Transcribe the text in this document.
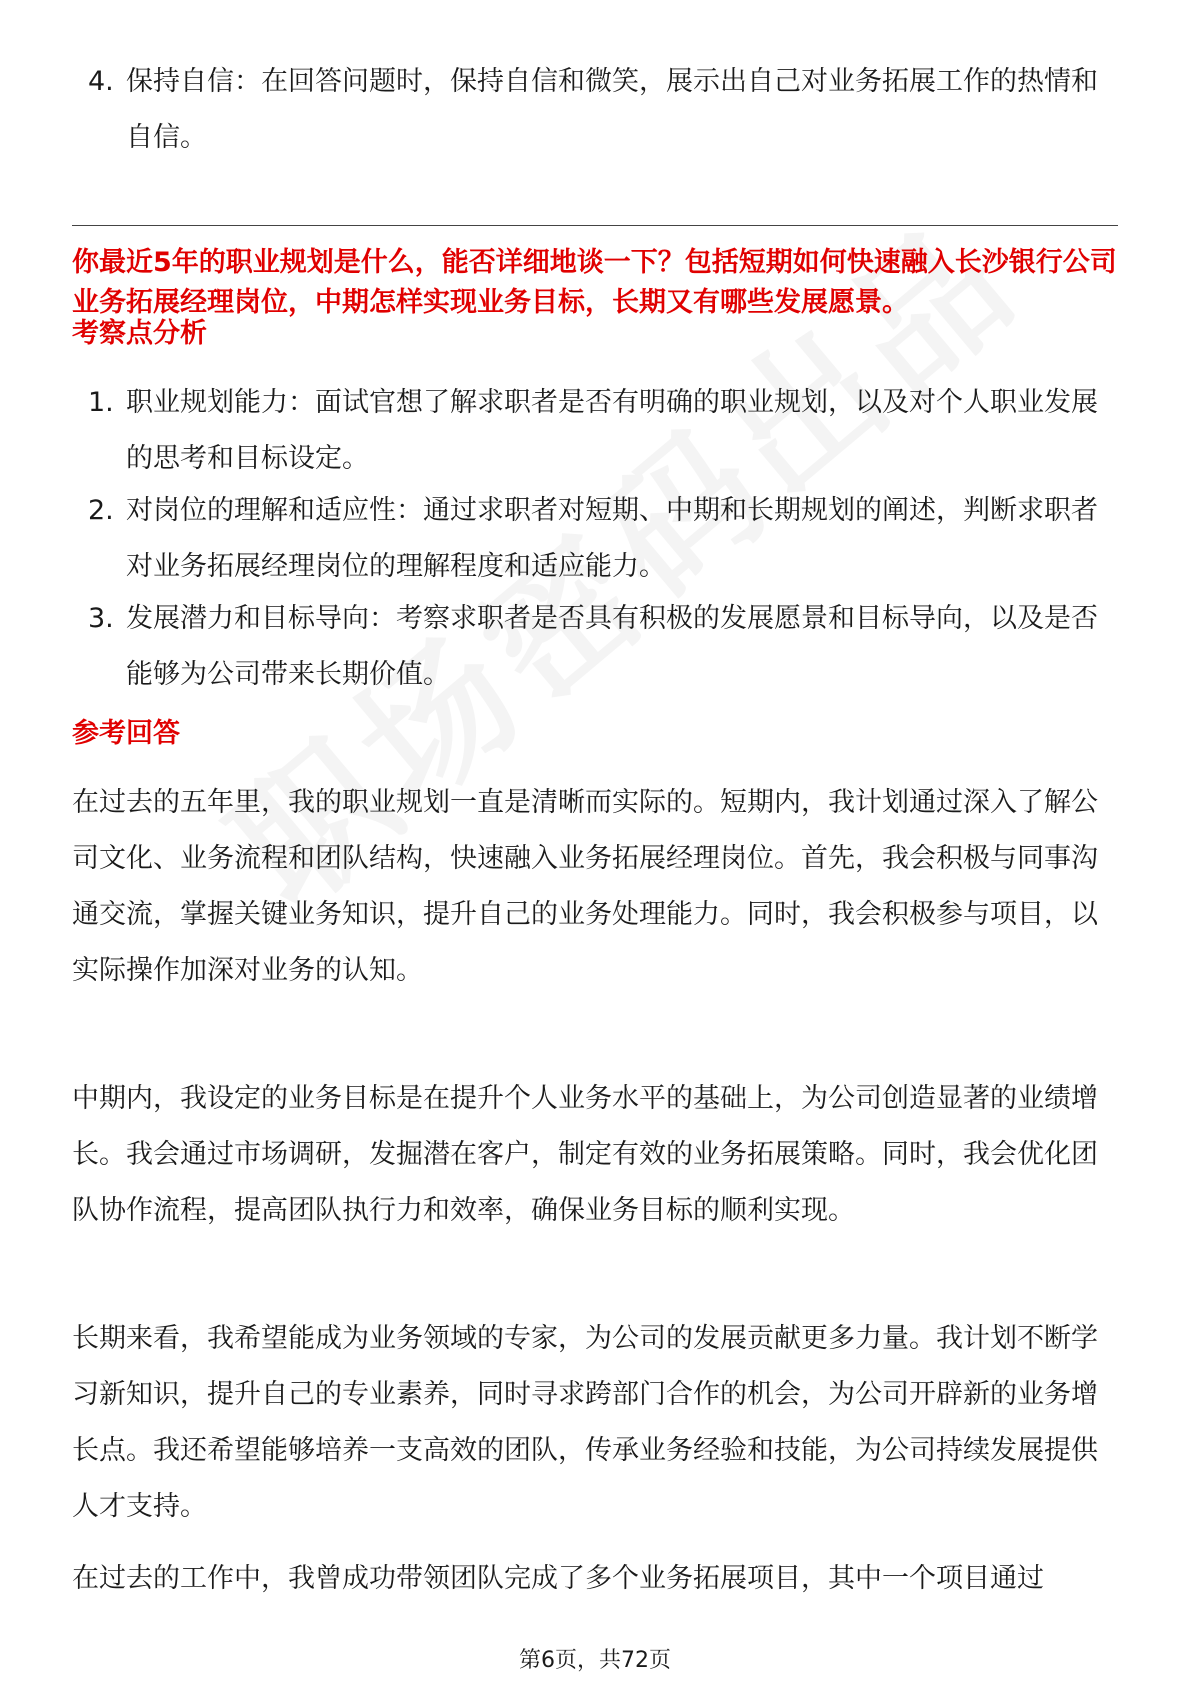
4. 保持自信：在回答问题时，保持自信和微笑，展示出自己对业务拓展工作的热情和自信。
你最近5年的职业规划是什么，能否详细地谈一下？包括短期如何快速融入长沙银行公司业务拓展经理岗位，中期怎样实现业务目标，长期又有哪些发展愿景。
考察点分析
1. 职业规划能力：面试官想了解求职者是否有明确的职业规划，以及对个人职业发展的思考和目标设定。
2. 对岗位的理解和适应性：通过求职者对短期、中期和长期规划的阐述，判断求职者对业务拓展经理岗位的理解程度和适应能力。
3. 发展潜力和目标导向：考察求职者是否具有积极的发展愿景和目标导向，以及是否能够为公司带来长期价值。
参考回答
在过去的五年里，我的职业规划一直是清晰而实际的。短期内，我计划通过深入了解公司文化、业务流程和团队结构，快速融入业务拓展经理岗位。首先，我会积极与同事沟通交流，掌握关键业务知识，提升自己的业务处理能力。同时，我会积极参与项目，以实际操作加深对业务的认知。
中期内，我设定的业务目标是在提升个人业务水平的基础上，为公司创造显著的业绩增长。我会通过市场调研，发掘潜在客户，制定有效的业务拓展策略。同时，我会优化团队协作流程，提高团队执行力和效率，确保业务目标的顺利实现。
长期来看，我希望能成为业务领域的专家，为公司的发展贡献更多力量。我计划不断学习新知识，提升自己的专业素养，同时寻求跨部门合作的机会，为公司开辟新的业务增长点。我还希望能够培养一支高效的团队，传承业务经验和技能，为公司持续发展提供人才支持。
在过去的工作中，我曾成功带领团队完成了多个业务拓展项目，其中一个项目通过
第6页，共72页
